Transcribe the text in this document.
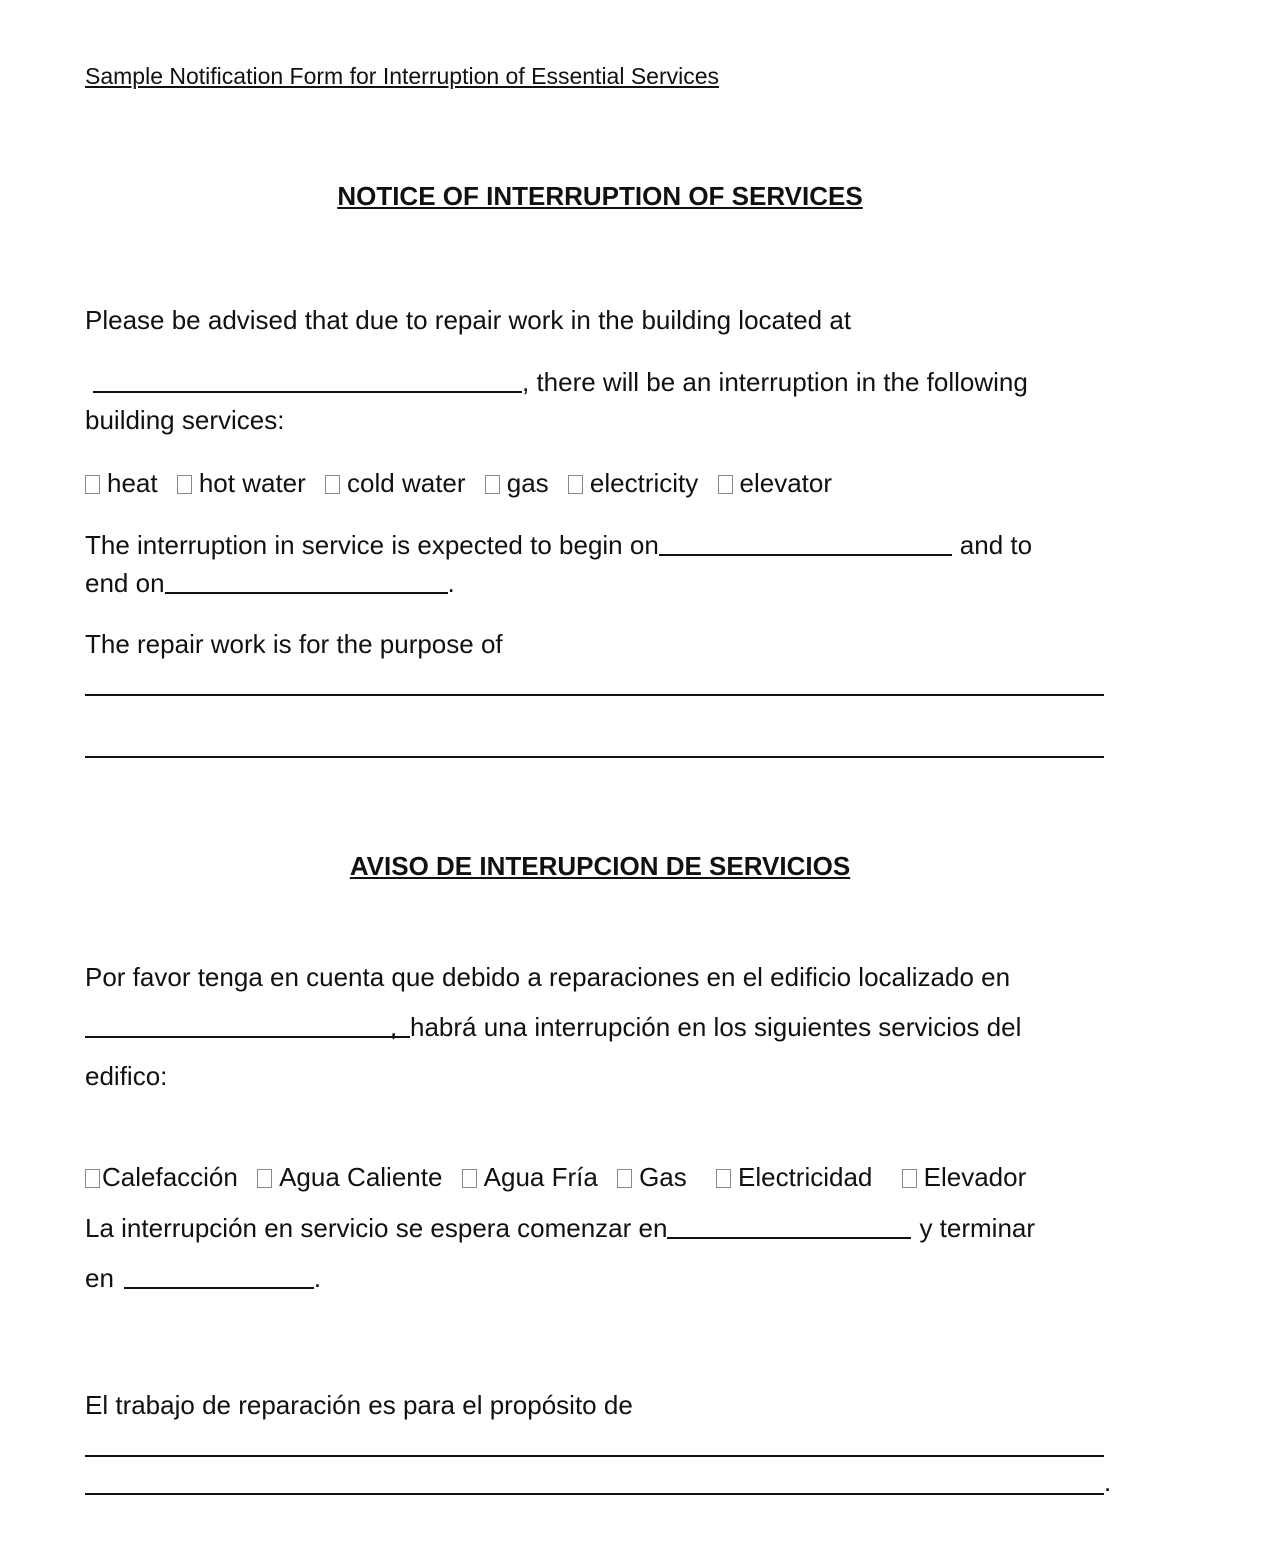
Sample Notification Form for Interruption of Essential Services
NOTICE OF INTERRUPTION OF SERVICES
Please be advised that due to repair work in the building located at
, there will be an interruption in the following
building services:
heat hot water cold water gas electricity elevator
The interruption in service is expected to begin on	and to
end on	.
The repair work is for the purpose of
AVISO DE INTERUPCION DE SERVICIOS
Por favor tenga en cuenta que debido a reparaciones en el edificio localizado en
, habrá una interrupción en los siguientes servicios del
edifico:
Calefacción Agua Caliente Agua Fría Gas Electricidad Elevador
La interrupción en servicio se espera comenzar en	y terminar
en	.
El trabajo de reparación es para el propósito de
.
